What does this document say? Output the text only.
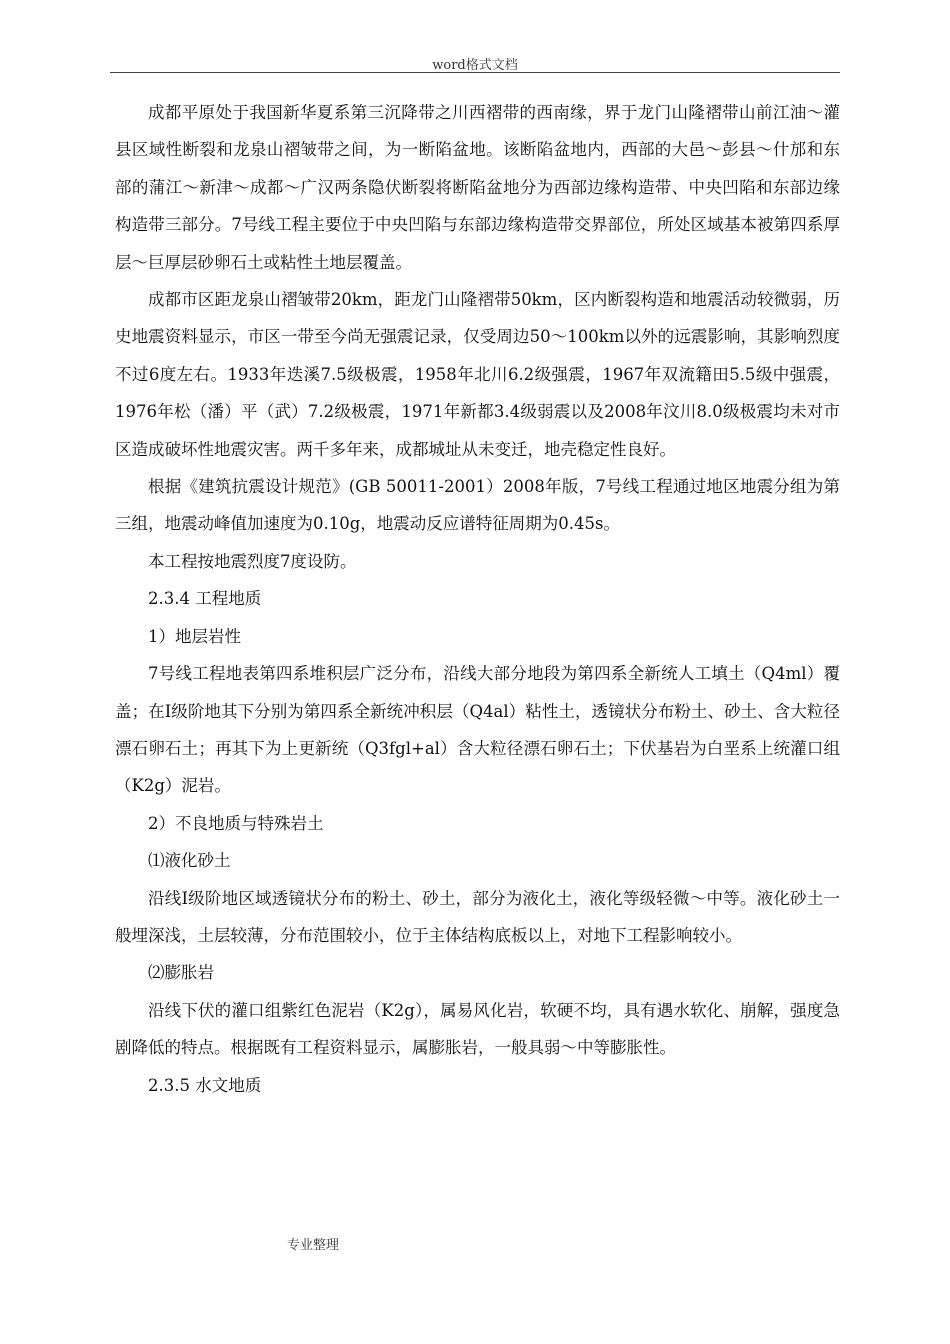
word格式文档

成都平原处于我国新华夏系第三沉降带之川西褶带的西南缘，界于龙门山隆褶带山前江油～灌县区域性断裂和龙泉山褶皱带之间，为一断陷盆地。该断陷盆地内，西部的大邑～彭县～什邡和东部的蒲江～新津～成都～广汉两条隐伏断裂将断陷盆地分为西部边缘构造带、中央凹陷和东部边缘构造带三部分。7号线工程主要位于中央凹陷与东部边缘构造带交界部位，所处区域基本被第四系厚层～巨厚层砂卵石土或粘性土地层覆盖。

成都市区距龙泉山褶皱带20km，距龙门山隆褶带50km，区内断裂构造和地震活动较微弱，历史地震资料显示，市区一带至今尚无强震记录，仅受周边50～100km以外的远震影响，其影响烈度不过6度左右。1933年迭溪7.5级极震，1958年北川6.2级强震，1967年双流籍田5.5级中强震，1976年松（潘）平（武）7.2级极震，1971年新都3.4级弱震以及2008年汶川8.0级极震均未对市区造成破坏性地震灾害。两千多年来，成都城址从未变迁，地壳稳定性良好。

根据《建筑抗震设计规范》(GB 50011-2001）2008年版，7号线工程通过地区地震分组为第三组，地震动峰值加速度为0.10g，地震动反应谱特征周期为0.45s。

本工程按地震烈度7度设防。

2.3.4 工程地质

1）地层岩性

7号线工程地表第四系堆积层广泛分布，沿线大部分地段为第四系全新统人工填土（Q4ml）覆盖；在Ⅰ级阶地其下分别为第四系全新统冲积层（Q4al）粘性土，透镜状分布粉土、砂土、含大粒径漂石卵石土；再其下为上更新统（Q3fgl+al）含大粒径漂石卵石土；下伏基岩为白垩系上统灌口组（K2g）泥岩。

2）不良地质与特殊岩土

⑴液化砂土

沿线Ⅰ级阶地区域透镜状分布的粉土、砂土，部分为液化土，液化等级轻微～中等。液化砂土一般埋深浅，土层较薄，分布范围较小，位于主体结构底板以上，对地下工程影响较小。

⑵膨胀岩

沿线下伏的灌口组紫红色泥岩（K2g），属易风化岩，软硬不均，具有遇水软化、崩解，强度急剧降低的特点。根据既有工程资料显示，属膨胀岩，一般具弱～中等膨胀性。

2.3.5 水文地质

专业整理
